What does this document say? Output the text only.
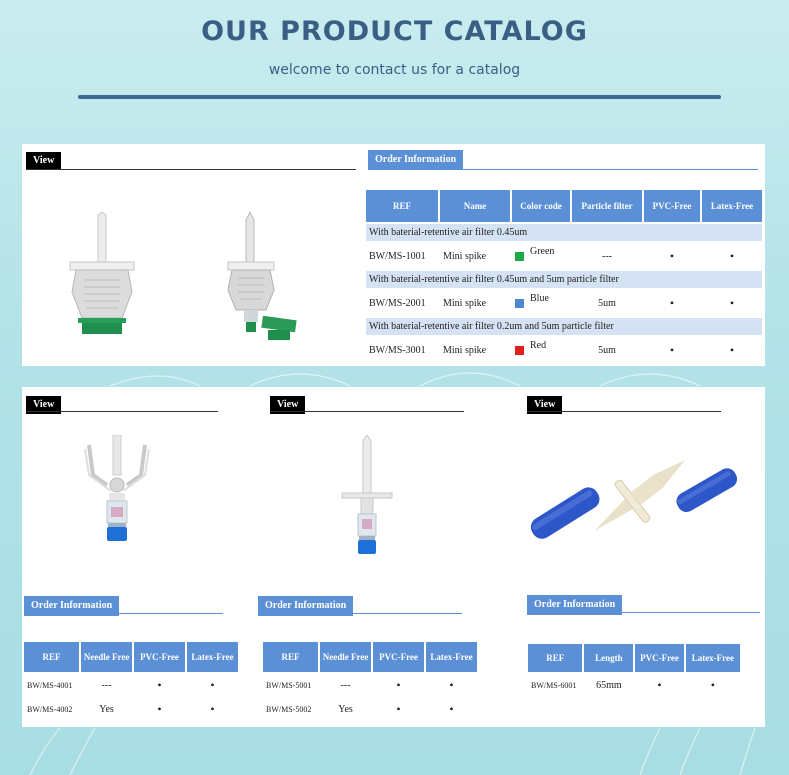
OUR PRODUCT CATALOG
welcome to contact us for a catalog
View	Order Information
REF	Name	Color code	Particle filter	PVC-Free	Latex-Free
With baterial-retentive air filter 0.45um					
BW/MS-1001	Mini spike	Green	---	•	•
With baterial-retentive air filter 0.45um and 5um particle filter					
BW/MS-2001	Mini spike	Blue	5um	•	•
With baterial-retentive air filter 0.2um and 5um particle filter					
BW/MS-3001	Mini spike	Red	5um	•	•
View
Order Information
REF	Needle Free	PVC-Free	Latex-Free
BW/MS-4001	---	•	•
BW/MS-4002	Yes	•	•
View
Order Information
REF	Needle Free	PVC-Free	Latex-Free
BW/MS-5001	---	•	•
BW/MS-5002	Yes	•	•
View
Order Information
REF	Length	PVC-Free	Latex-Free
BW/MS-6001	65mm	•	•
